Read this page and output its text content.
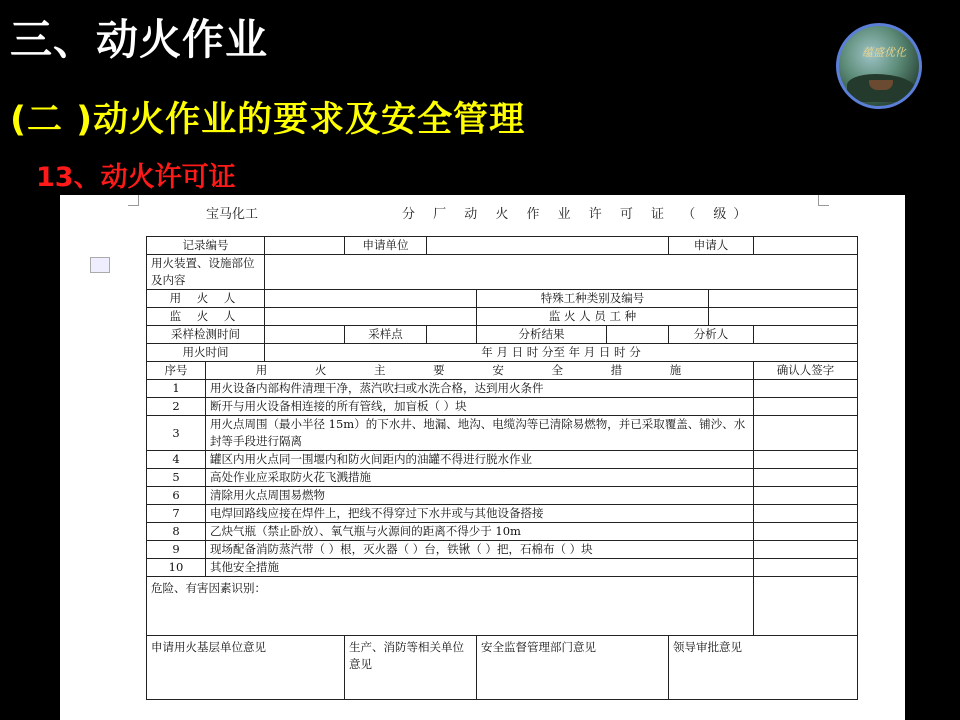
三、动火作业
(二 )动火作业的要求及安全管理
13、动火许可证
蕴盛优化
宝马化工	分 厂 动 火 作 业 许 可 证 （ 级）
记录编号			申请单位				申请人		
用火装置、设施部位及内容									
用 火 人					特殊工种类别及编号				
监 火 人					监 火 人 员 工 种				
采样检测时间			采样点		分析结果		分析人		
用火时间		年 月 日 时 分至 年 月 日 时 分							
序号	用 火 主 要 安 全 措 施								确认人签字
1	用火设备内部构件清理干净，蒸汽吹扫或水洗合格，达到用火条件								
2	断开与用火设备相连接的所有管线，加盲板（ ）块								
3	用火点周围（最小半径 15m）的下水井、地漏、地沟、电缆沟等已清除易燃物，并已采取覆盖、铺沙、水封等手段进行隔离								
4	罐区内用火点同一围堰内和防火间距内的油罐不得进行脱水作业								
5	高处作业应采取防火花飞溅措施								
6	清除用火点周围易燃物								
7	电焊回路线应接在焊件上，把线不得穿过下水井或与其他设备搭接								
8	乙炔气瓶（禁止卧放）、氧气瓶与火源间的距离不得少于 10m								
9	现场配备消防蒸汽带（ ）根，灭火器（ ）台，铁锹（ ）把，石棉布（ ）块								
10	其他安全措施								
危险、有害因素识别：									
申请用火基层单位意见			生产、消防等相关单位意见		安全监督管理部门意见		领导审批意见		
